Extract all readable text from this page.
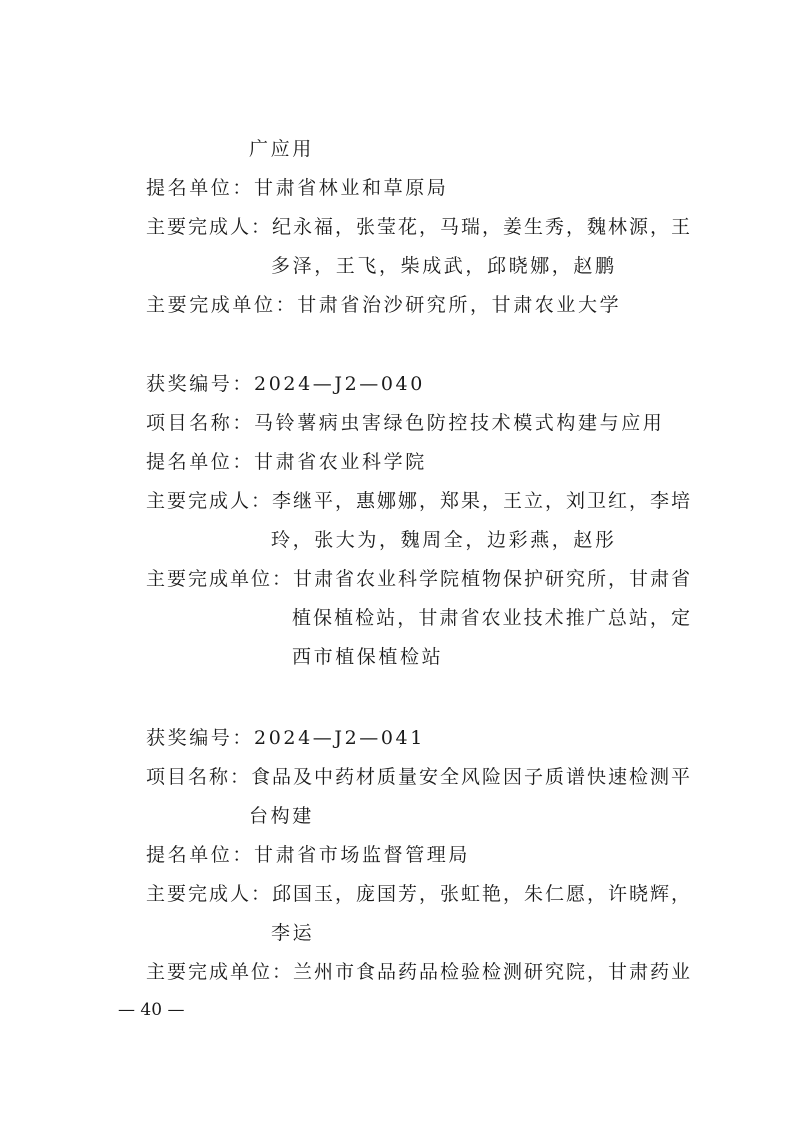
广应用
提名单位：甘肃省林业和草原局
主要完成人：纪永福，张莹花，马瑞，姜生秀，魏林源，王
多泽，王飞，柴成武，邱晓娜，赵鹏
主要完成单位：甘肃省治沙研究所，甘肃农业大学
获奖编号：2024—J2—040
项目名称：马铃薯病虫害绿色防控技术模式构建与应用
提名单位：甘肃省农业科学院
主要完成人：李继平，惠娜娜，郑果，王立，刘卫红，李培
玲，张大为，魏周全，边彩燕，赵彤
主要完成单位：甘肃省农业科学院植物保护研究所，甘肃省
植保植检站，甘肃省农业技术推广总站，定
西市植保植检站
获奖编号：2024—J2—041
项目名称：食品及中药材质量安全风险因子质谱快速检测平
台构建
提名单位：甘肃省市场监督管理局
主要完成人：邱国玉，庞国芳，张虹艳，朱仁愿，许晓辉，
李运
主要完成单位：兰州市食品药品检验检测研究院，甘肃药业
— 40 —
